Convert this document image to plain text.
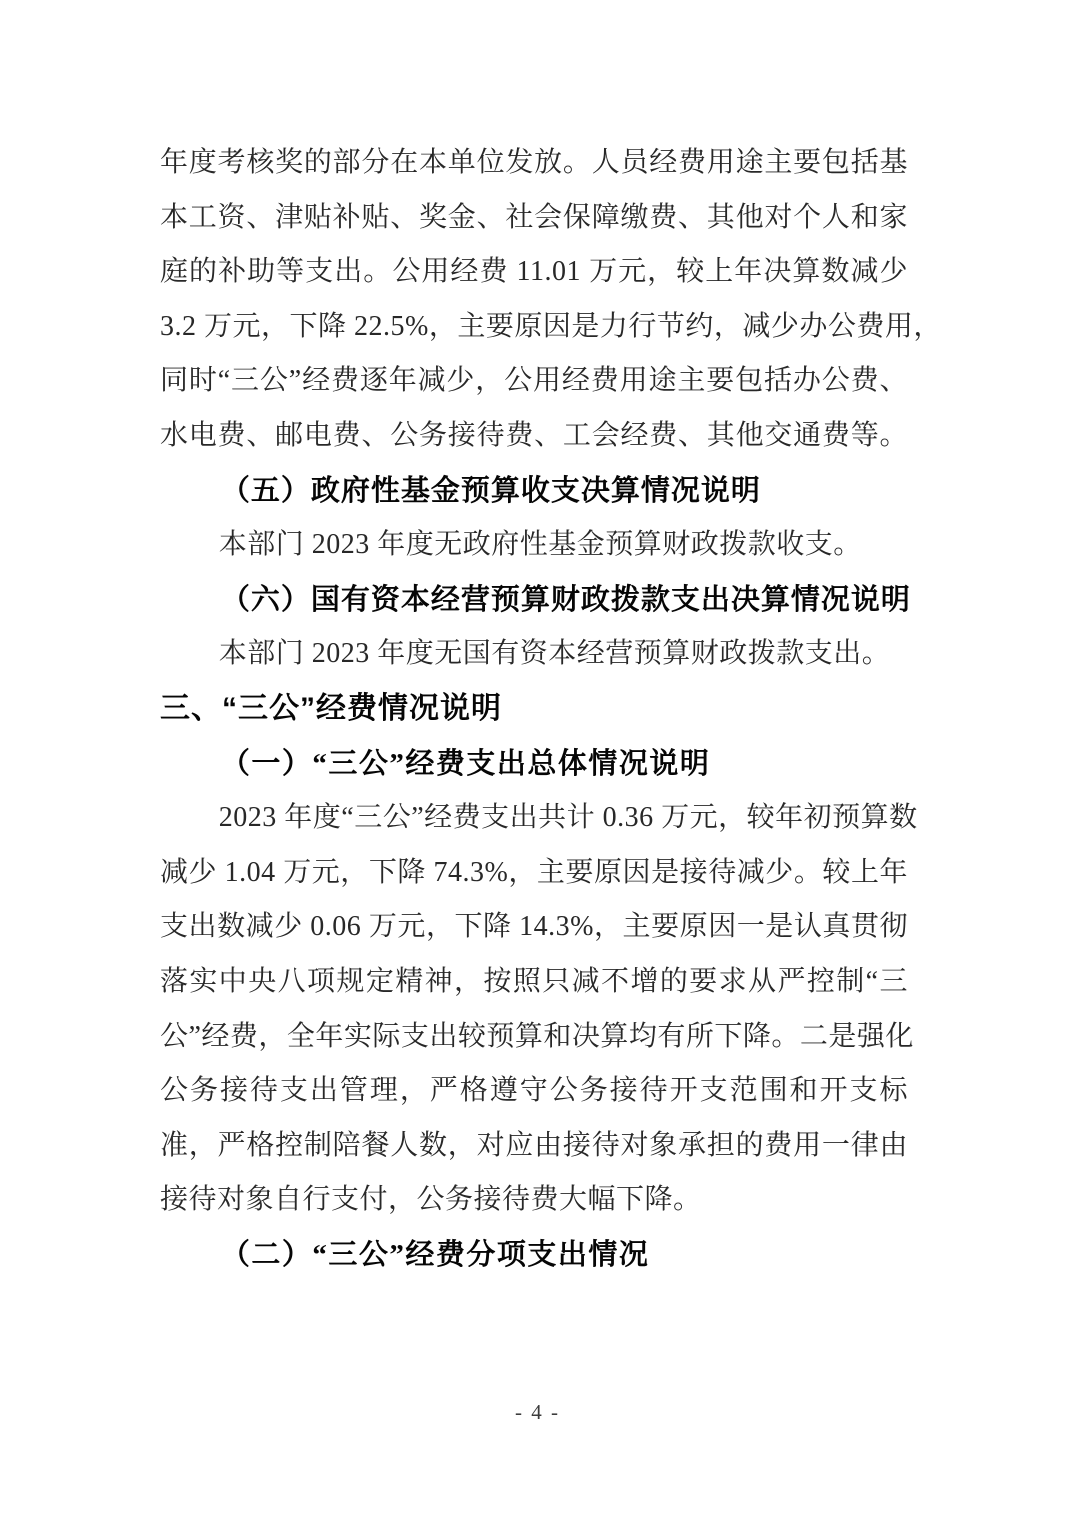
年度考核奖的部分在本单位发放。人员经费用途主要包括基
本工资、津贴补贴、奖金、社会保障缴费、其他对个人和家
庭的补助等支出。公用经费 11.01 万元，较上年决算数减少
3.2 万元，下降 22.5%，主要原因是力行节约，减少办公费用，
同时“三公”经费逐年减少，公用经费用途主要包括办公费、
水电费、邮电费、公务接待费、工会经费、其他交通费等。
（五）政府性基金预算收支决算情况说明
本部门 2023 年度无政府性基金预算财政拨款收支。
（六）国有资本经营预算财政拨款支出决算情况说明
本部门 2023 年度无国有资本经营预算财政拨款支出。
三、“三公”经费情况说明
（一）“三公”经费支出总体情况说明
2023 年度“三公”经费支出共计 0.36 万元，较年初预算数
减少 1.04 万元，下降 74.3%，主要原因是接待减少。较上年
支出数减少 0.06 万元，下降 14.3%，主要原因一是认真贯彻
落实中央八项规定精神，按照只减不增的要求从严控制“三
公”经费，全年实际支出较预算和决算均有所下降。二是强化
公务接待支出管理，严格遵守公务接待开支范围和开支标
准，严格控制陪餐人数，对应由接待对象承担的费用一律由
接待对象自行支付，公务接待费大幅下降。
（二）“三公”经费分项支出情况
- 4 -
